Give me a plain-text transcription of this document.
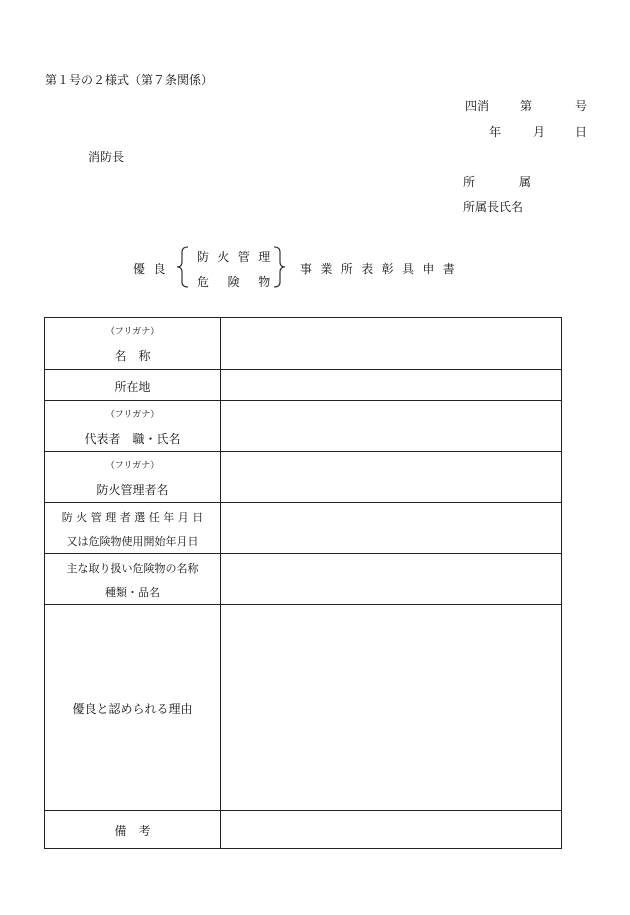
第１号の２様式（第７条関係）
四消	第	号
年	月 日
消防長
所	属
所属長氏名
優良
防火管理
危険物
事業所表彰具申書
（フリガナ）
名　称
所在地
（フリガナ）
代表者　職・氏名
（フリガナ）
防火管理者名
防 火 管 理 者 選 任 年 月 日
又は危険物使用開始年月日
主な取り扱い危険物の名称
種類・品名
優良と認められる理由
備　考
